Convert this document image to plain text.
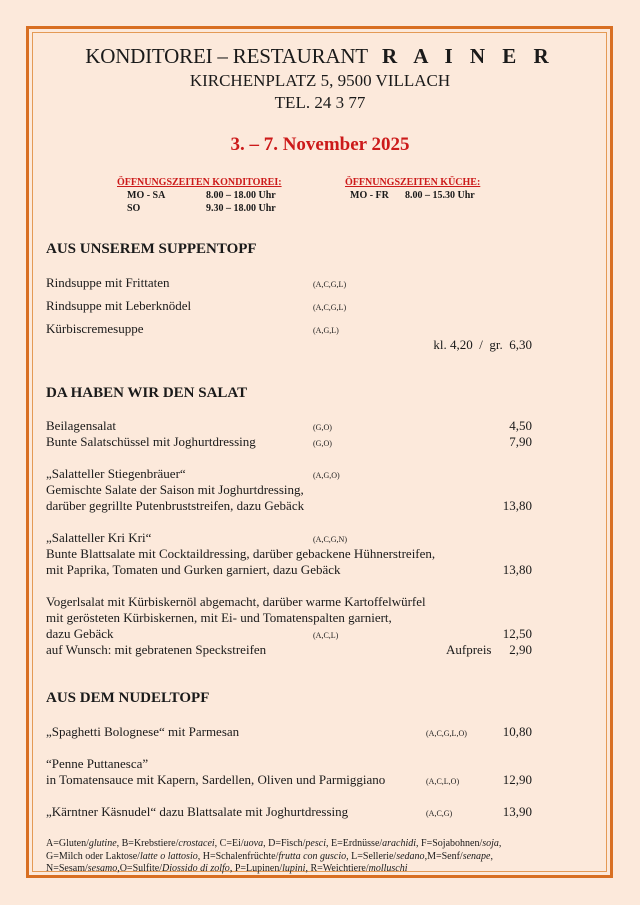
KONDITOREI – RESTAURANT R A I N E R
KIRCHENPLATZ 5, 9500 VILLACH
TEL. 24 3 77
3. – 7. November 2025
ÖFFNUNGSZEITEN KONDITOREI:
MO - SA	8.00 – 18.00 Uhr
SO	9.30 – 18.00 Uhr
ÖFFNUNGSZEITEN KÜCHE:
MO - FR 8.00 – 15.30 Uhr
AUS UNSEREM SUPPENTOPF
Rindsuppe mit Frittaten	(A,C,G,L)
Rindsuppe mit Leberknödel	(A,C,G,L)
Kürbiscremesuppe	(A,G,L)
kl. 4,20  /  gr.  6,30
DA HABEN WIR DEN SALAT
Beilagensalat	(G,O)	4,50
Bunte Salatschüssel mit Joghurtdressing	(G,O)	7,90
„Salatteller Stiegenbräuer“	(A,G,O)
Gemischte Salate der Saison mit Joghurtdressing,
darüber gegrillte Putenbruststreifen, dazu Gebäck	13,80
„Salatteller Kri Kri“	(A,C,G,N)
Bunte Blattsalate mit Cocktaildressing, darüber gebackene Hühnerstreifen,
mit Paprika, Tomaten und Gurken garniert, dazu Gebäck	13,80
Vogerlsalat mit Kürbiskernöl abgemacht, darüber warme Kartoffelwürfel
mit gerösteten Kürbiskernen, mit Ei- und Tomatenspalten garniert,
dazu Gebäck	(A,C,L)	12,50
auf Wunsch: mit gebratenen Speckstreifen	Aufpreis	2,90
AUS DEM NUDELTOPF
„Spaghetti Bolognese“ mit Parmesan	(A,C,G,L,O)	10,80
“Penne Puttanesca”
in Tomatensauce mit Kapern, Sardellen, Oliven und Parmiggiano	(A,C,L,O)	12,90
„Kärntner Käsnudel“ dazu Blattsalate mit Joghurtdressing	(A,C,G)	13,90
A=Gluten/glutine, B=Krebstiere/crostacei, C=Ei/uova, D=Fisch/pesci, E=Erdnüsse/arachidi, F=Sojabohnen/soja,
G=Milch oder Laktose/latte o lattosio, H=Schalenfrüchte/frutta con guscio, L=Sellerie/sedano,M=Senf/senape,
N=Sesam/sesamo,O=Sulfite/Diossido di zolfo, P=Lupinen/lupini, R=Weichtiere/molluschi
